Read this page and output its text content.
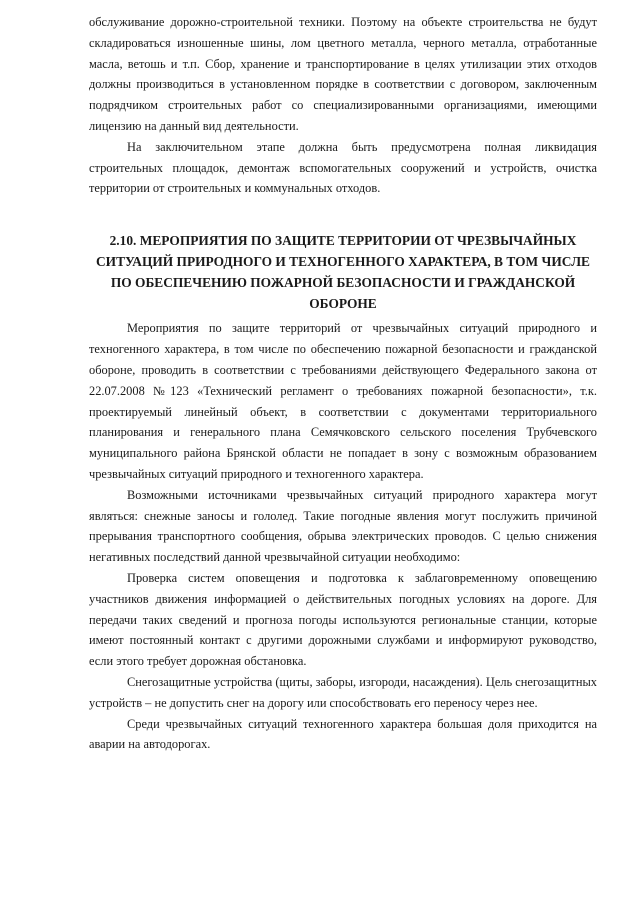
обслуживание дорожно-строительной техники. Поэтому на объекте строительства не будут складироваться изношенные шины, лом цветного металла, черного металла, отработанные масла, ветошь и т.п. Сбор, хранение и транспортирование в целях утилизации этих отходов должны производиться в установленном порядке в соответствии с договором, заключенным подрядчиком строительных работ со специализированными организациями, имеющими лицензию на данный вид деятельности.

На заключительном этапе должна быть предусмотрена полная ликвидация строительных площадок, демонтаж вспомогательных сооружений и устройств, очистка территории от строительных и коммунальных отходов.

2.10. МЕРОПРИЯТИЯ ПО ЗАЩИТЕ ТЕРРИТОРИИ ОТ ЧРЕЗВЫЧАЙНЫХ СИТУАЦИЙ ПРИРОДНОГО И ТЕХНОГЕННОГО ХАРАКТЕРА, В ТОМ ЧИСЛЕ ПО ОБЕСПЕЧЕНИЮ ПОЖАРНОЙ БЕЗОПАСНОСТИ И ГРАЖДАНСКОЙ ОБОРОНЕ

Мероприятия по защите территорий от чрезвычайных ситуаций природного и техногенного характера, в том числе по обеспечению пожарной безопасности и гражданской обороне, проводить в соответствии с требованиями действующего Федерального закона от 22.07.2008 №123 «Технический регламент о требованиях пожарной безопасности», т.к. проектируемый линейный объект, в соответствии с документами территориального планирования и генерального плана Семячковского сельского поселения Трубчевского муниципального района Брянской области не попадает в зону с возможным образованием чрезвычайных ситуаций природного и техногенного характера.

Возможными источниками чрезвычайных ситуаций природного характера могут являться: снежные заносы и гололед. Такие погодные явления могут послужить причиной прерывания транспортного сообщения, обрыва электрических проводов. С целью снижения негативных последствий данной чрезвычайной ситуации необходимо:

Проверка систем оповещения и подготовка к заблаговременному оповещению участников движения информацией о действительных погодных условиях на дороге. Для передачи таких сведений и прогноза погоды используются региональные станции, которые имеют постоянный контакт с другими дорожными службами и информируют руководство, если этого требует дорожная обстановка.

Снегозащитные устройства (щиты, заборы, изгороди, насаждения). Цель снегозащитных устройств – не допустить снег на дорогу или способствовать его переносу через нее.

Среди чрезвычайных ситуаций техногенного характера большая доля приходится на аварии на автодорогах.
